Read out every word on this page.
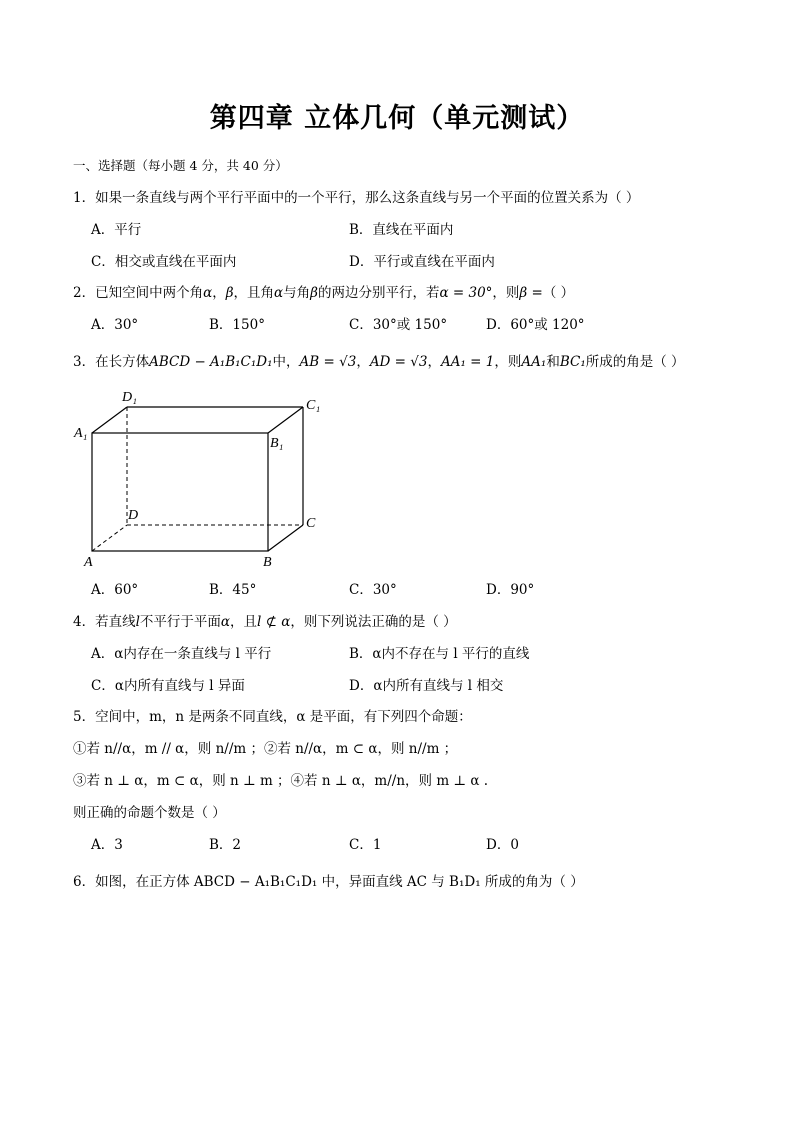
第四章 立体几何（单元测试）
一、选择题（每小题 4 分，共 40 分）
1．如果一条直线与两个平行平面中的一个平行，那么这条直线与另一个平面的位置关系为（ ）
A．平行	B．直线在平面内
C．相交或直线在平面内	D．平行或直线在平面内
2．已知空间中两个角α，β，且角α与角β的两边分别平行，若α = 30°，则β =（ ）
A．30°	B．150°	C．30°或 150°	D．60°或 120°
3．在长方体ABCD − A₁B₁C₁D₁中，AB = √3，AD = √3，AA₁ = 1，则AA₁和BC₁所成的角是（ ）
D₁
C₁
A₁
B₁
D
C
A	B
A．60°	B．45°	C．30°	D．90°
4．若直线l不平行于平面α，且l ⊄ α，则下列说法正确的是（ ）
A．α内存在一条直线与 l 平行	B．α内不存在与 l 平行的直线
C．α内所有直线与 l 异面	D．α内所有直线与 l 相交
5．空间中，m，n 是两条不同直线，α 是平面，有下列四个命题：
①若 n//α，m // α，则 n//m ；②若 n//α，m ⊂ α，则 n//m ；
③若 n ⊥ α，m ⊂ α，则 n ⊥ m ；④若 n ⊥ α，m//n，则 m ⊥ α .
则正确的命题个数是（ ）
A．3	B．2	C．1	D．0
6．如图，在正方体 ABCD − A₁B₁C₁D₁ 中，异面直线 AC 与 B₁D₁ 所成的角为（ ）
